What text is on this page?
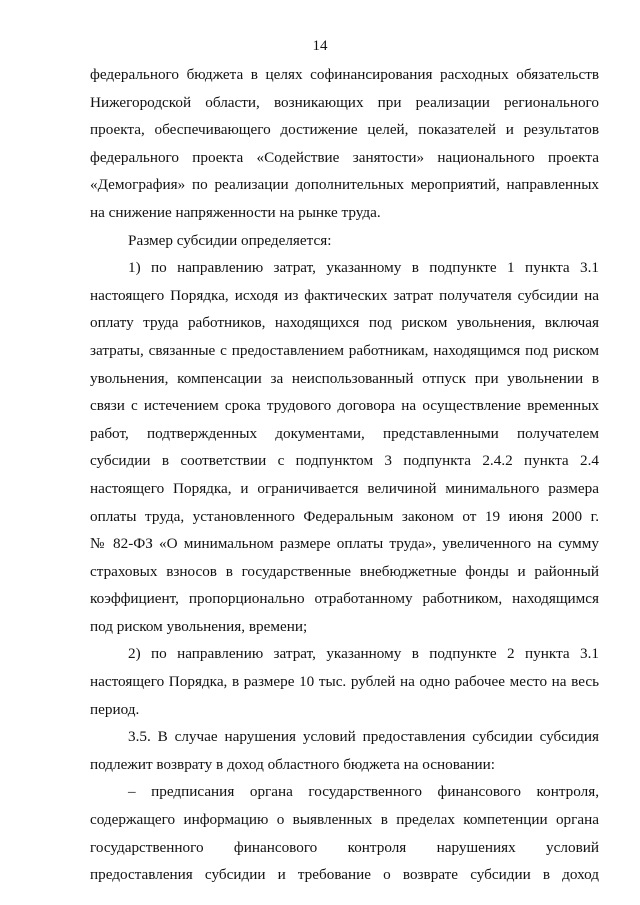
14
федерального бюджета в целях софинансирования расходных обязательств
Нижегородской области, возникающих при реализации регионального
проекта, обеспечивающего достижение целей, показателей и результатов
федерального проекта «Содействие занятости» национального проекта
«Демография» по реализации дополнительных мероприятий, направленных
на снижение напряженности на рынке труда.
Размер субсидии определяется:
1) по направлению затрат, указанному в подпункте 1 пункта 3.1
настоящего Порядка, исходя из фактических затрат получателя субсидии на
оплату труда работников, находящихся под риском увольнения, включая
затраты, связанные с предоставлением работникам, находящимся под риском
увольнения, компенсации за неиспользованный отпуск при увольнении в
связи с истечением срока трудового договора на осуществление временных
работ, подтвержденных документами, представленными получателем
субсидии в соответствии с подпунктом 3 подпункта 2.4.2 пункта 2.4
настоящего Порядка, и ограничивается величиной минимального размера
оплаты труда, установленного Федеральным законом от 19 июня 2000 г.
№ 82-ФЗ «О минимальном размере оплаты труда», увеличенного на сумму
страховых взносов в государственные внебюджетные фонды и районный
коэффициент, пропорционально отработанному работником, находящимся
под риском увольнения, времени;
2) по направлению затрат, указанному в подпункте 2 пункта 3.1
настоящего Порядка, в размере 10 тыс. рублей на одно рабочее место на весь
период.
3.5. В случае нарушения условий предоставления субсидии субсидия
подлежит возврату в доход областного бюджета на основании:
– предписания органа государственного финансового контроля,
содержащего информацию о выявленных в пределах компетенции органа
государственного финансового контроля нарушениях условий
предоставления субсидии и требование о возврате субсидии в доход
